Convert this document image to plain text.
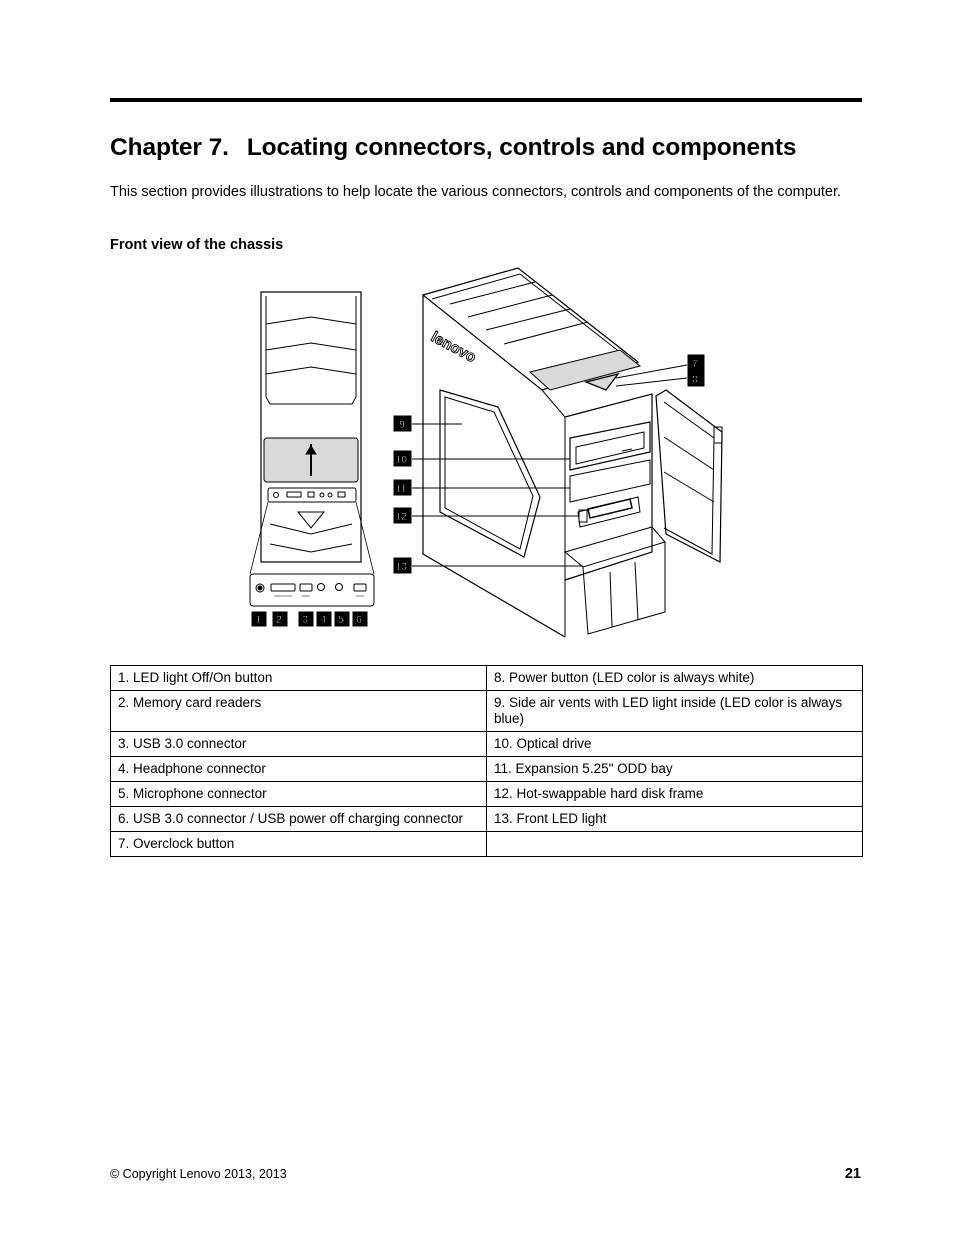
Chapter 7. Locating connectors, controls and components

This section provides illustrations to help locate the various connectors, controls and components of the computer.

Front view of the chassis
1 2 3 4 5 6
lenovo	7
8
9
10
11
12
13
1. LED light Off/On button	8. Power button (LED color is always white)
2. Memory card readers	9. Side air vents with LED light inside (LED color is always blue)
3. USB 3.0 connector	10. Optical drive
4. Headphone connector	11. Expansion 5.25" ODD bay
5. Microphone connector	12. Hot-swappable hard disk frame
6. USB 3.0 connector / USB power off charging connector	13. Front LED light
7. Overclock button	
© Copyright Lenovo 2013, 2013	21
